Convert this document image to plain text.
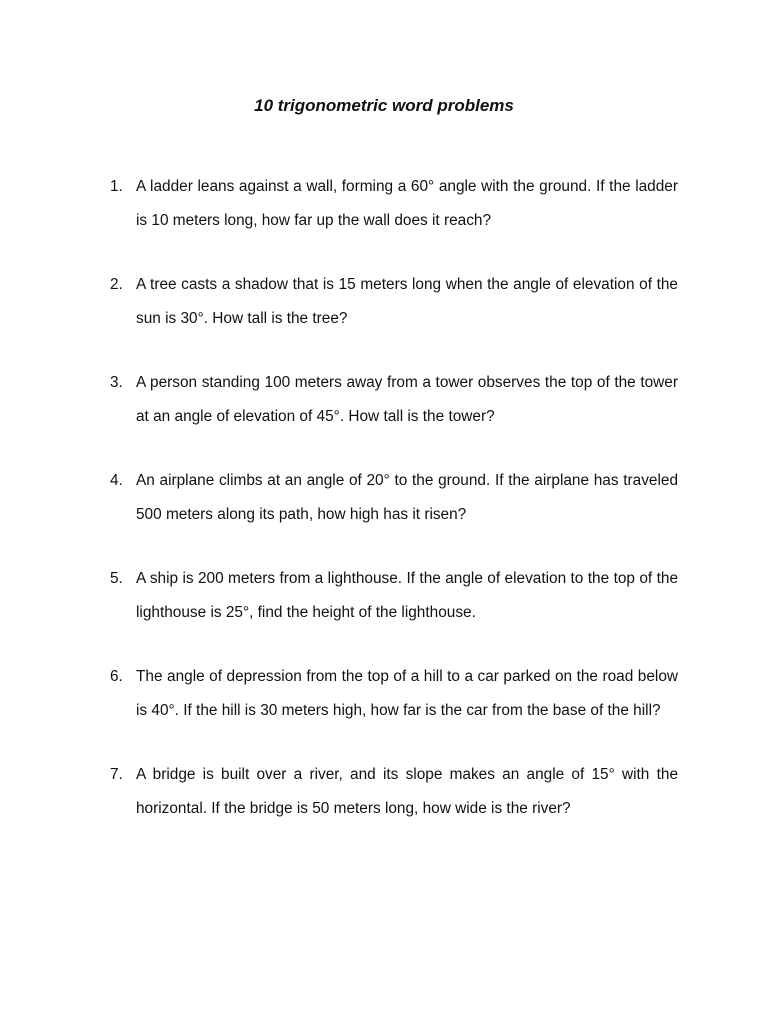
10 trigonometric word problems
1. A ladder leans against a wall, forming a 60° angle with the ground. If the ladder is 10 meters long, how far up the wall does it reach?
2. A tree casts a shadow that is 15 meters long when the angle of elevation of the sun is 30°. How tall is the tree?
3. A person standing 100 meters away from a tower observes the top of the tower at an angle of elevation of 45°. How tall is the tower?
4. An airplane climbs at an angle of 20° to the ground. If the airplane has traveled 500 meters along its path, how high has it risen?
5. A ship is 200 meters from a lighthouse. If the angle of elevation to the top of the lighthouse is 25°, find the height of the lighthouse.
6. The angle of depression from the top of a hill to a car parked on the road below is 40°. If the hill is 30 meters high, how far is the car from the base of the hill?
7. A bridge is built over a river, and its slope makes an angle of 15° with the horizontal. If the bridge is 50 meters long, how wide is the river?
